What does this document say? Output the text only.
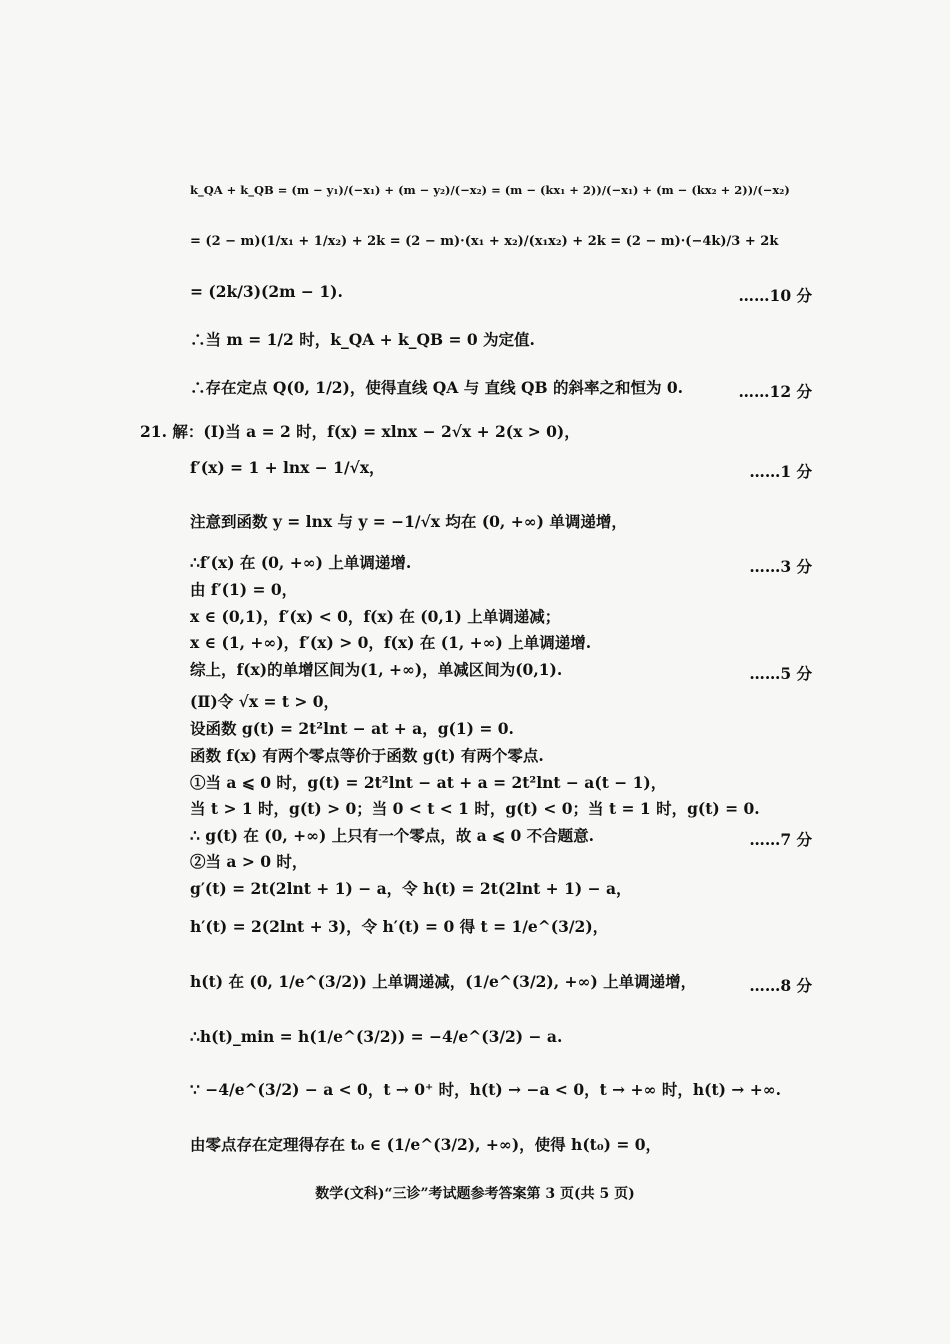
k_QA + k_QB = (m − y₁)/(−x₁) + (m − y₂)/(−x₂) = (m − (kx₁ + 2))/(−x₁) + (m − (kx₂ + 2))/(−x₂)
= (2 − m)(1/x₁ + 1/x₂) + 2k = (2 − m)·(x₁ + x₂)/(x₁x₂) + 2k = (2 − m)·(−4k)/3 + 2k
= (2k/3)(2m − 1).	……10 分
∴当 m = 1/2 时，k_QA + k_QB = 0 为定值.
∴存在定点 Q(0, 1/2)，使得直线 QA 与 直线 QB 的斜率之和恒为 0.	……12 分
21. 解：(Ⅰ)当 a = 2 时，f(x) = xlnx − 2√x + 2(x > 0)，
f′(x) = 1 + lnx − 1/√x，	……1 分
注意到函数 y = lnx 与 y = −1/√x 均在 (0, +∞) 单调递增，
∴f′(x) 在 (0, +∞) 上单调递增.	……3 分
由 f′(1) = 0，
x ∈ (0,1)，f′(x) < 0，f(x) 在 (0,1) 上单调递减；
x ∈ (1, +∞)，f′(x) > 0，f(x) 在 (1, +∞) 上单调递增.
综上，f(x)的单增区间为(1, +∞)，单减区间为(0,1).	……5 分
(Ⅱ)令 √x = t > 0，
设函数 g(t) = 2t²lnt − at + a，g(1) = 0.
函数 f(x) 有两个零点等价于函数 g(t) 有两个零点.
①当 a ⩽ 0 时，g(t) = 2t²lnt − at + a = 2t²lnt − a(t − 1)，
当 t > 1 时，g(t) > 0；当 0 < t < 1 时，g(t) < 0；当 t = 1 时，g(t) = 0.
∴ g(t) 在 (0, +∞) 上只有一个零点，故 a ⩽ 0 不合题意.	……7 分
②当 a > 0 时，
g′(t) = 2t(2lnt + 1) − a，令 h(t) = 2t(2lnt + 1) − a，
h′(t) = 2(2lnt + 3)，令 h′(t) = 0 得 t = 1/e^(3/2)，
h(t) 在 (0, 1/e^(3/2)) 上单调递减，(1/e^(3/2), +∞) 上单调递增，	……8 分
∴h(t)_min = h(1/e^(3/2)) = −4/e^(3/2) − a.
∵ −4/e^(3/2) − a < 0，t → 0⁺ 时，h(t) → −a < 0，t → +∞ 时，h(t) → +∞.
由零点存在定理得存在 t₀ ∈ (1/e^(3/2), +∞)，使得 h(t₀) = 0，
数学(文科)“三诊”考试题参考答案第 3 页(共 5 页)
